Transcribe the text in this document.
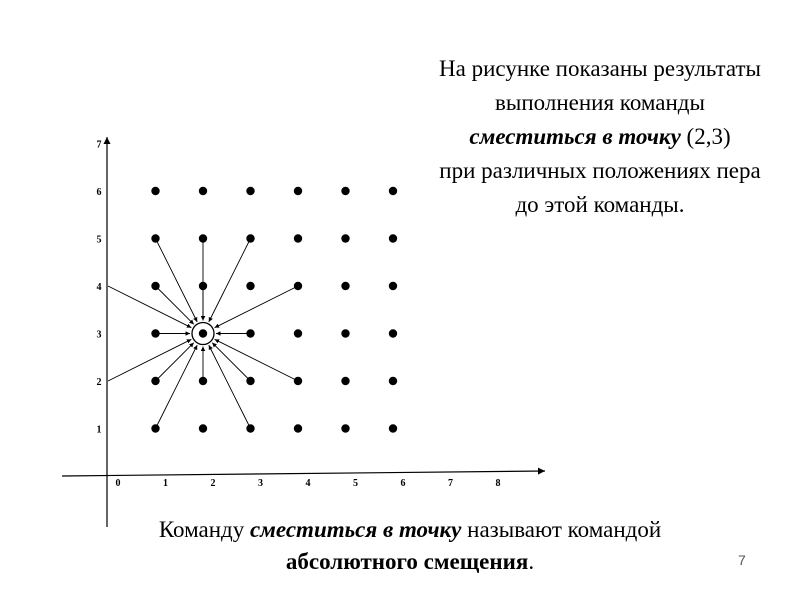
На рисунке показаны результаты
выполнения команды
сместиться в точку (2,3)
при различных положениях пера
до этой команды.
0	1	2	3	4	5	6	7	8
1
2
3
4
5
6
7
Команду сместиться в точку называют командой
абсолютного смещения.	7
